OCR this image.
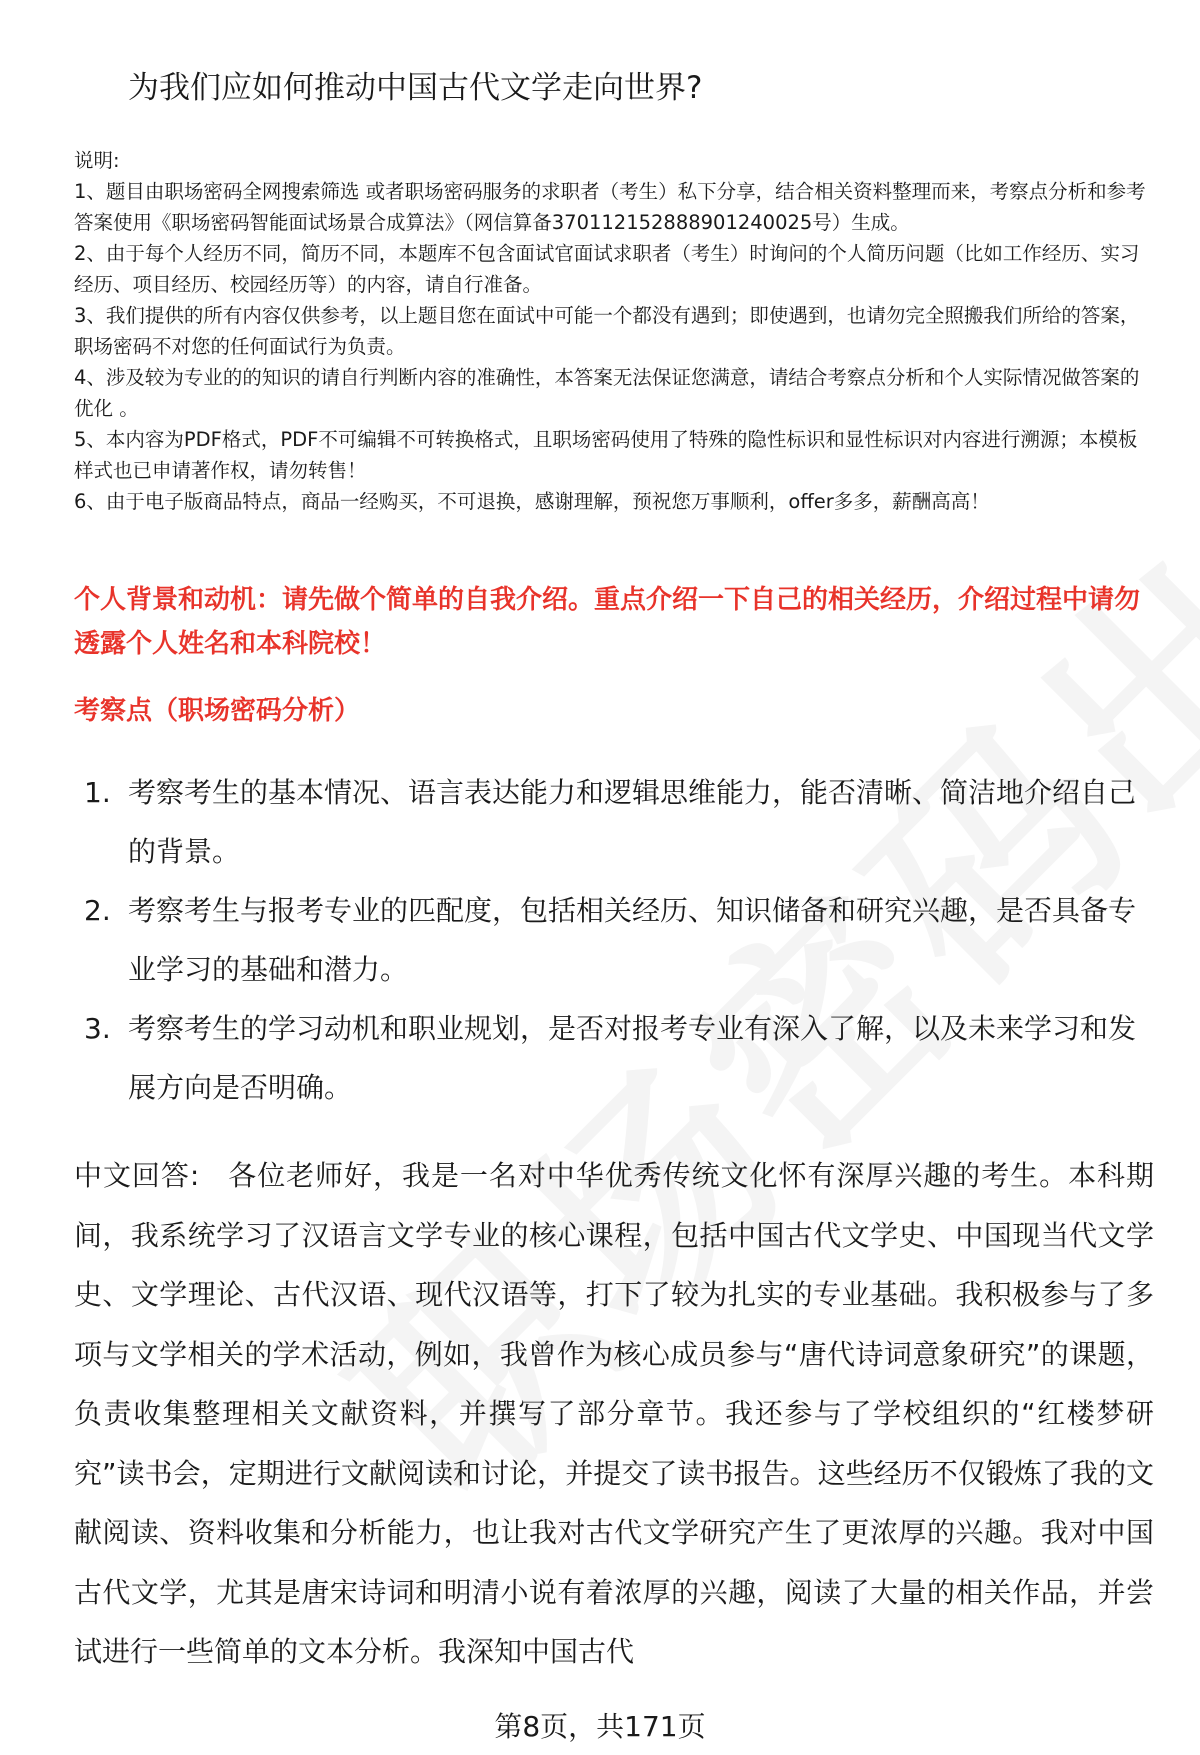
为我们应如何推动中国古代文学走向世界?

说明:

1、题目由职场密码全网搜索筛选 或者职场密码服务的求职者（考生）私下分享，结合相关资料整理而来，考察点分析和参考答案使用《职场密码智能面试场景合成算法》（网信算备370112152888901240025号）生成。

2、由于每个人经历不同，简历不同，本题库不包含面试官面试求职者（考生）时询问的个人简历问题（比如工作经历、实习经历、项目经历、校园经历等）的内容，请自行准备。

3、我们提供的所有内容仅供参考，以上题目您在面试中可能一个都没有遇到；即使遇到，也请勿完全照搬我们所给的答案，职场密码不对您的任何面试行为负责。

4、涉及较为专业的的知识的请自行判断内容的准确性，本答案无法保证您满意，请结合考察点分析和个人实际情况做答案的优化 。

5、本内容为PDF格式，PDF不可编辑不可转换格式，且职场密码使用了特殊的隐性标识和显性标识对内容进行溯源；本模板样式也已申请著作权，请勿转售！

6、由于电子版商品特点，商品一经购买，不可退换，感谢理解，预祝您万事顺利，offer多多，薪酬高高！

个人背景和动机：请先做个简单的自我介绍。重点介绍一下自己的相关经历，介绍过程中请勿透露个人姓名和本科院校！

考察点（职场密码分析）

1. 考察考生的基本情况、语言表达能力和逻辑思维能力，能否清晰、简洁地介绍自己的背景。
2. 考察考生与报考专业的匹配度，包括相关经历、知识储备和研究兴趣，是否具备专业学习的基础和潜力。
3. 考察考生的学习动机和职业规划，是否对报考专业有深入了解，以及未来学习和发展方向是否明确。

中文回答: 各位老师好，我是一名对中华优秀传统文化怀有深厚兴趣的考生。本科期间，我系统学习了汉语言文学专业的核心课程，包括中国古代文学史、中国现当代文学史、文学理论、古代汉语、现代汉语等，打下了较为扎实的专业基础。我积极参与了多项与文学相关的学术活动，例如，我曾作为核心成员参与“唐代诗词意象研究”的课题，负责收集整理相关文献资料，并撰写了部分章节。我还参与了学校组织的“红楼梦研究”读书会，定期进行文献阅读和讨论，并提交了读书报告。这些经历不仅锻炼了我的文献阅读、资料收集和分析能力，也让我对古代文学研究产生了更浓厚的兴趣。我对中国古代文学，尤其是唐宋诗词和明清小说有着浓厚的兴趣，阅读了大量的相关作品，并尝试进行一些简单的文本分析。我深知中国古代

第8页，共171页
